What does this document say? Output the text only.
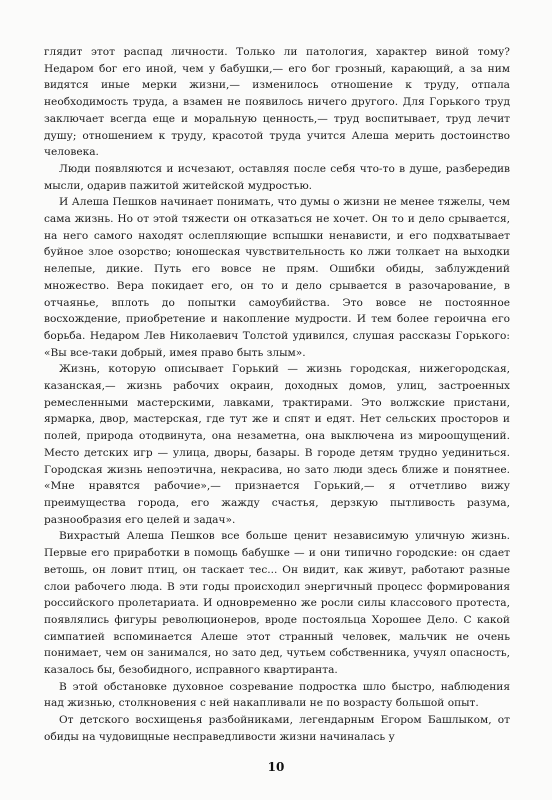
глядит этот распад личности. Только ли патология, характер виной тому? Недаром бог его иной, чем у бабушки,— его бог грозный, карающий, а за ним видятся иные мерки жизни,— изменилось отношение к труду, отпала необходимость труда, а взамен не появилось ничего другого. Для Горького труд заключает всегда еще и моральную ценность,— труд воспитывает, труд лечит душу; отношением к труду, красотой труда учится Алеша мерить достоинство человека.

Люди появляются и исчезают, оставляя после себя что-то в душе, разбередив мысли, одарив пажитой житейской мудростью.

И Алеша Пешков начинает понимать, что думы о жизни не менее тяжелы, чем сама жизнь. Но от этой тяжести он отказаться не хочет. Он то и дело срывается, на него самого находят ослепляющие вспышки ненависти, и его подхватывает буйное злое озорство; юношеская чувствительность ко лжи толкает на выходки нелепые, дикие. Путь его вовсе не прям. Ошибки обиды, заблуждений множество. Вера покидает его, он то и дело срывается в разочарование, в отчаянье, вплоть до попытки самоубийства. Это вовсе не постоянное восхождение, приобретение и накопление мудрости. И тем более героична его борьба. Недаром Лев Николаевич Толстой удивился, слушая рассказы Горького: «Вы все-таки добрый, имея право быть злым».

Жизнь, которую описывает Горький — жизнь городская, нижегородская, казанская,— жизнь рабочих окраин, доходных домов, улиц, застроенных ремесленными мастерскими, лавками, трактирами. Это волжские пристани, ярмарка, двор, мастерская, где тут же и спят и едят. Нет сельских просторов и полей, природа отодвинута, она незаметна, она выключена из мироощущений. Место детских игр — улица, дворы, базары. В городе детям трудно уединиться. Городская жизнь непоэтична, некрасива, но зато люди здесь ближе и понятнее. «Мне нравятся рабочие»,— признается Горький,— я отчетливо вижу преимущества города, его жажду счастья, дерзкую пытливость разума, разнообразия его целей и задач».

Вихрастый Алеша Пешков все больше ценит независимую уличную жизнь. Первые его приработки в помощь бабушке — и они типично городские: он сдает ветошь, он ловит птиц, он таскает тес... Он видит, как живут, работают разные слои рабочего люда. В эти годы происходил энергичный процесс формирования российского пролетариата. И одновременно же росли силы классового протеста, появлялись фигуры революционеров, вроде постояльца Хорошее Дело. С какой симпатией вспоминается Алеше этот странный человек, мальчик не очень понимает, чем он занимался, но зато дед, чутьем собственника, учуял опасность, казалось бы, безобидного, исправного квартиранта.

В этой обстановке духовное созревание подростка шло быстро, наблюдения над жизнью, столкновения с ней накапливали не по возрасту большой опыт.

От детского восхищенья разбойниками, легендарным Егором Башлыком, от обиды на чудовищные несправедливости жизни начиналась у

10
